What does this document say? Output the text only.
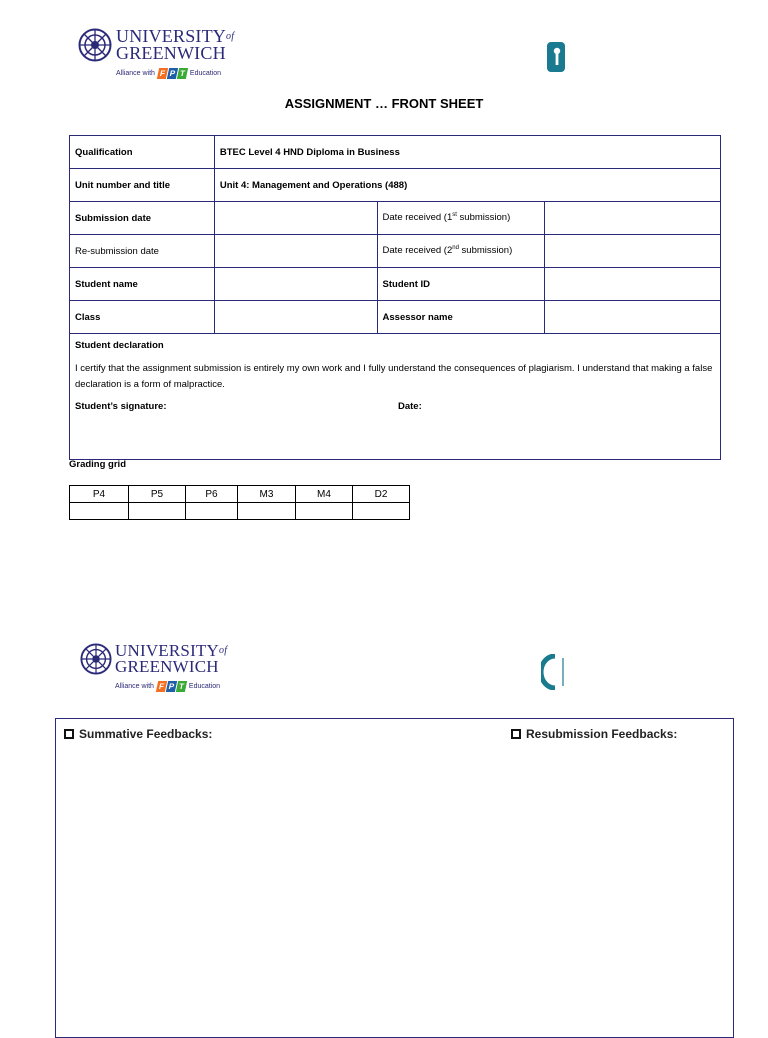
$UNIVERSITY^{of}$
GREENWICH
Alliance with F P T Education
ASSIGNMENT … FRONT SHEET
Qualification	BTEC Level 4 HND Diploma in Business		
Unit number and title	Unit 4: Management and Operations (488)		
Submission date		Date received (1st submission)	
Re-submission date		Date received (2nd submission)	
Student name		Student ID	
Class		Assessor name	

Student declaration
I certify that the assignment submission is entirely my own work and I fully understand the consequences of plagiarism. I understand that making a false declaration is a form of malpractice.
Student’s signature: Date:			
Grading grid
P4	P5	P6	M3	M4	D2

$UNIVERSITY^{of}$
GREENWICH
Alliance with F P T Education
Summative Feedbacks:	Resubmission Feedbacks:
